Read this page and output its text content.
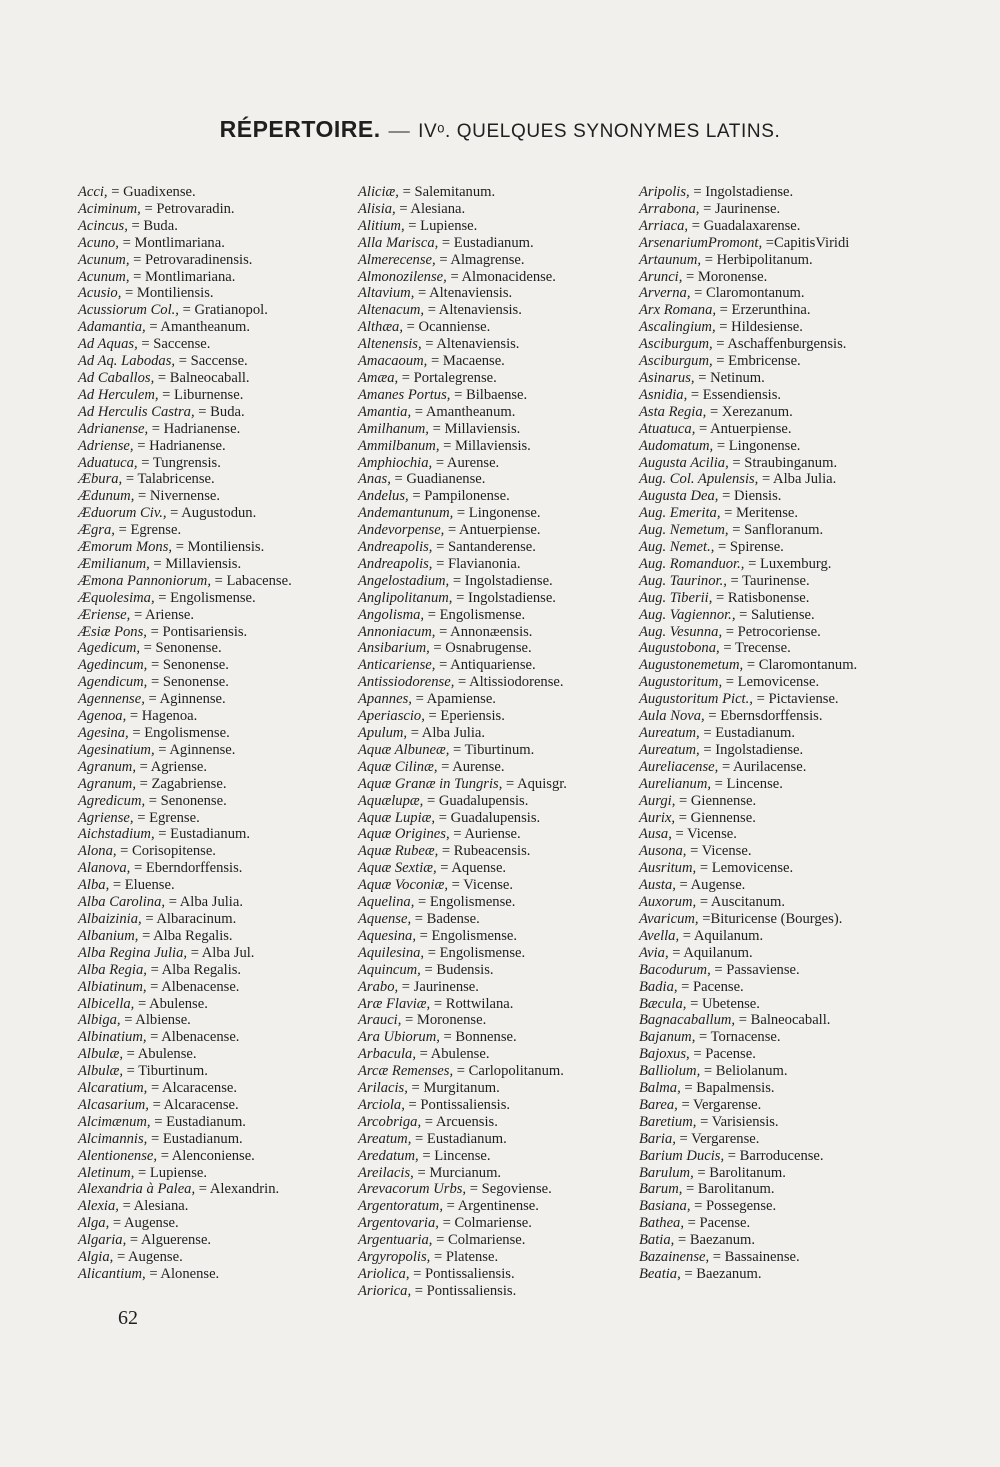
RÉPERTOIRE. — IVᵒ. QUELQUES SYNONYMES LATINS.
Acci, = Guadixense.
Aciminum, = Petrovaradin.
Acincus, = Buda.
Acuno, = Montlimariana.
Acunum, = Petrovaradinensis.
Acunum, = Montlimariana.
Acusio, = Montiliensis.
Acussiorum Col., = Gratianopol.
Adamantia, = Amantheanum.
Ad Aquas, = Saccense.
Ad Aq. Labodas, = Saccense.
Ad Caballos, = Balneocaball.
Ad Herculem, = Liburnense.
Ad Herculis Castra, = Buda.
Adrianense, = Hadrianense.
Adriense, = Hadrianense.
Aduatuca, = Tungrensis.
Æbura, = Talabricense.
Ædunum, = Nivernense.
Æduorum Civ., = Augustodun.
Ægra, = Egrense.
Æmorum Mons, = Montiliensis.
Æmilianum, = Millaviensis.
Æmona Pannoniorum, = Labacense.
Æquolesima, = Engolismense.
Æriense, = Ariense.
Æsiæ Pons, = Pontisariensis.
Agedicum, = Senonense.
Agedincum, = Senonense.
Agendicum, = Senonense.
Agennense, = Aginnense.
Agenoa, = Hagenoa.
Agesina, = Engolismense.
Agesinatium, = Aginnense.
Agranum, = Agriense.
Agranum, = Zagabriense.
Agredicum, = Senonense.
Agriense, = Egrense.
Aichstadium, = Eustadianum.
Alona, = Corisopitense.
Alanova, = Eberndorffensis.
Alba, = Eluense.
Alba Carolina, = Alba Julia.
Albaizinia, = Albaracinum.
Albanium, = Alba Regalis.
Alba Regina Julia, = Alba Jul.
Alba Regia, = Alba Regalis.
Albiatinum, = Albenacense.
Albicella, = Abulense.
Albiga, = Albiense.
Albinatium, = Albenacense.
Albulæ, = Abulense.
Albulæ, = Tiburtinum.
Alcaratium, = Alcaracense.
Alcasarium, = Alcaracense.
Alcimænum, = Eustadianum.
Alcimannis, = Eustadianum.
Alentionense, = Alenconiense.
Aletinum, = Lupiense.
Alexandria à Palea, = Alexandrin.
Alexia, = Alesiana.
Alga, = Augense.
Algaria, = Alguerense.
Algia, = Augense.
Alicantium, = Alonense.
Aliciæ, = Salemitanum.
Alisia, = Alesiana.
Alitium, = Lupiense.
Alla Marisca, = Eustadianum.
Almerecense, = Almagrense.
Almonozilense, = Almonacidense.
Altavium, = Altenaviensis.
Altenacum, = Altenaviensis.
Althæa, = Ocanniense.
Altenensis, = Altenaviensis.
Amacaoum, = Macaense.
Amæa, = Portalegrense.
Amanes Portus, = Bilbaense.
Amantia, = Amantheanum.
Amilhanum, = Millaviensis.
Ammilbanum, = Millaviensis.
Amphiochia, = Aurense.
Anas, = Guadianense.
Andelus, = Pampilonense.
Andemantunum, = Lingonense.
Andevorpense, = Antuerpiense.
Andreapolis, = Santanderense.
Andreapolis, = Flavianonia.
Angelostadium, = Ingolstadiense.
Anglipolitanum, = Ingolstadiense.
Angolisma, = Engolismense.
Annoniacum, = Annonæensis.
Ansibarium, = Osnabrugense.
Anticariense, = Antiquariense.
Antissiodorense, = Altissiodorense.
Apannes, = Apamiense.
Aperiascio, = Eperiensis.
Apulum, = Alba Julia.
Aquæ Albunеæ, = Tiburtinum.
Aquæ Cilinæ, = Aurense.
Aquæ Granæ in Tungris, = Aquisgr.
Aquælupæ, = Guadalupensis.
Aquæ Lupiæ, = Guadalupensis.
Aquæ Origines, = Auriense.
Aquæ Rubeæ, = Rubeacensis.
Aquæ Sextiæ, = Aquense.
Aquæ Voconiæ, = Vicense.
Aquelina, = Engolismense.
Aquense, = Badense.
Aquesina, = Engolismense.
Aquilesina, = Engolismense.
Aquincum, = Budensis.
Arabo, = Jaurinense.
Aræ Flaviæ, = Rottwilana.
Arauci, = Moronense.
Ara Ubiorum, = Bonnense.
Arbacula, = Abulense.
Arcæ Remenses, = Carlopolitanum.
Arilacis, = Murgitanum.
Arciola, = Pontissaliensis.
Arcobriga, = Arcuensis.
Areatum, = Eustadianum.
Aredatum, = Lincense.
Areilacis, = Murcianum.
Arevacorum Urbs, = Segoviense.
Argentoratum, = Argentinense.
Argentovaria, = Colmariense.
Argentuaria, = Colmariense.
Argyropolis, = Platense.
Ariolica, = Pontissaliensis.
Ariorica, = Pontissaliensis.
Aripolis, = Ingolstadiense.
Arrabona, = Jaurinense.
Arriaca, = Guadalaxarense.
ArsenariumPromont, =CapitisViridi
Artaunum, = Herbipolitanum.
Arunci, = Moronense.
Arverna, = Claromontanum.
Arx Romana, = Erzerunthina.
Ascalingium, = Hildesiense.
Asciburgum, = Aschaffenburgensis.
Asciburgum, = Embricense.
Asinarus, = Netinum.
Asnidia, = Essendiensis.
Asta Regia, = Xerezanum.
Atuatuca, = Antuerpiense.
Audomatum, = Lingonense.
Augusta Acilia, = Straubinganum.
Aug. Col. Apulensis, = Alba Julia.
Augusta Dea, = Diensis.
Aug. Emerita, = Meritense.
Aug. Nemetum, = Sanfloranum.
Aug. Nemet., = Spirense.
Aug. Romanduor., = Luxemburg.
Aug. Taurinor., = Taurinense.
Aug. Tiberii, = Ratisbonense.
Aug. Vagiennor., = Salutiense.
Aug. Vesunna, = Petrocoriense.
Augustobona, = Trecense.
Augustonemetum, = Claromontanum.
Augustoritum, = Lemovicense.
Augustoritum Pict., = Pictaviense.
Aula Nova, = Ebernsdorffensis.
Aureatum, = Eustadianum.
Aureatum, = Ingolstadiense.
Aureliacense, = Aurilacense.
Aurelianum, = Lincense.
Aurgi, = Giennense.
Aurix, = Giennense.
Ausa, = Vicense.
Ausona, = Vicense.
Ausritum, = Lemovicense.
Austa, = Augense.
Auxorum, = Auscitanum.
Avaricum, =Bituricense (Bourges).
Avella, = Aquilanum.
Avia, = Aquilanum.
Bacodurum, = Passaviense.
Badia, = Pacense.
Bæcula, = Ubetense.
Bagnacaballum, = Balneocaball.
Bajanum, = Tornacense.
Bajoxus, = Pacense.
Balliolum, = Beliolanum.
Balma, = Bapalmensis.
Barea, = Vergarense.
Baretium, = Varisiensis.
Baria, = Vergarense.
Barium Ducis, = Barroducense.
Barulum, = Barolitanum.
Barum, = Barolitanum.
Basiana, = Possegense.
Bathea, = Pacense.
Batia, = Baezanum.
Bazainense, = Bassainense.
Beatia, = Baezanum.
62
